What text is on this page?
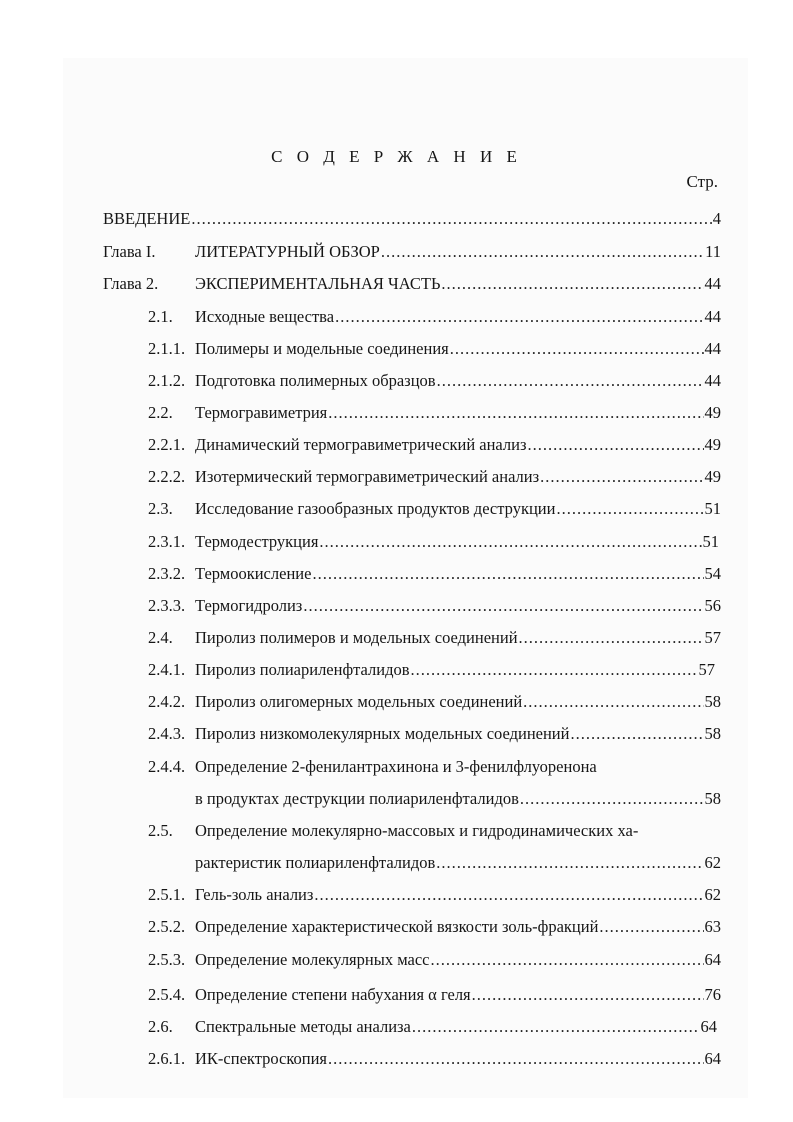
С О Д Е Р Ж А Н И Е
Стр.
ВВЕДЕНИЕ .....	4
Глава I.	ЛИТЕРАТУРНЫЙ ОБЗОР .....	11
Глава 2.	ЭКСПЕРИМЕНТАЛЬНАЯ ЧАСТЬ .....	44
2.1.	Исходные вещества .....	44
2.1.1. Полимеры и модельные соединения .....	44
2.1.2. Подготовка полимерных образцов .....	44
2.2.	Термогравиметрия .....	49
2.2.1. Динамический термогравиметрический анализ .....	49
2.2.2. Изотермический термогравиметрический анализ .....	49
2.3.	Исследование газообразных продуктов деструкции .....	51
2.3.1. Термодеструкция .....	51
2.3.2. Термоокисление .....	54
2.3.3. Термогидролиз .....	56
2.4.	Пиролиз полимеров и модельных соединений .....	57
2.4.1. Пиролиз полиариленфталидов .....	57
2.4.2. Пиролиз олигомерных модельных соединений .....	58
2.4.3. Пиролиз низкомолекулярных модельных соединений .....	58
2.4.4. Определение 2-фенилантрахинона и 3-фенилфлуоренона
в продуктах деструкции полиариленфталидов .....	58
2.5.	Определение молекулярно-массовых и гидродинамических ха-
рактеристик полиариленфталидов .....	62
2.5.1. Гель-золь анализ .....	62
2.5.2. Определение характеристической вязкости золь-фракций .....	63
2.5.3. Определение молекулярных масс .....	64
2.5.4. Определение степени набухания α геля .....	76
2.6.	Спектральные методы анализа .....	64
2.6.1. ИК-спектроскопия .....	64
